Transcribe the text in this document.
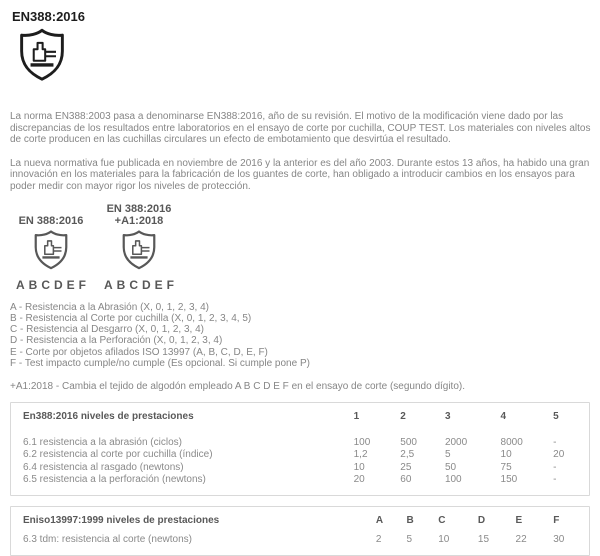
EN388:2016

La norma EN388:2003 pasa a denominarse EN388:2016, año de su revisión. El motivo de la modificación viene dado por las discrepancias de los resultados entre laboratorios en el ensayo de corte por cuchilla, COUP TEST. Los materiales con niveles altos de corte producen en las cuchillas circulares un efecto de embotamiento que desvirtúa el resultado.

La nueva normativa fue publicada en noviembre de 2016 y la anterior es del año 2003. Durante estos 13 años, ha habido una gran innovación en los materiales para la fabricación de los guantes de corte, han obligado a introducir cambios en los ensayos para poder medir con mayor rigor los niveles de protección.

EN 388:2016
ABCDEF
EN 388:2016
+A1:2018
ABCDEF
A - Resistencia a la Abrasión (X, 0, 1, 2, 3, 4)
B - Resistencia al Corte por cuchilla (X, 0, 1, 2, 3, 4, 5)
C - Resistencia al Desgarro (X, 0, 1, 2, 3, 4)
D - Resistencia a la Perforación (X, 0, 1, 2, 3, 4)
E - Corte por objetos afilados ISO 13997 (A, B, C, D, E, F)
F - Test impacto cumple/no cumple (Es opcional. Si cumple pone P)
+A1:2018 - Cambia el tejido de algodón empleado A B C D E F en el ensayo de corte (segundo dígito).
En388:2016 niveles de prestaciones	1	2	3	4	5
6.1 resistencia a la abrasión (ciclos)	100	500	2000	8000	-
6.2 resistencia al corte por cuchilla (índice)	1,2	2,5	5	10	20
6.4 resistencia al rasgado (newtons)	10	25	50	75	-
6.5 resistencia a la perforación (newtons)	20	60	100	150	-
Eniso13997:1999 niveles de prestaciones	A	B	C	D	E	F
6.3 tdm: resistencia al corte (newtons)	2	5	10	15	22	30
